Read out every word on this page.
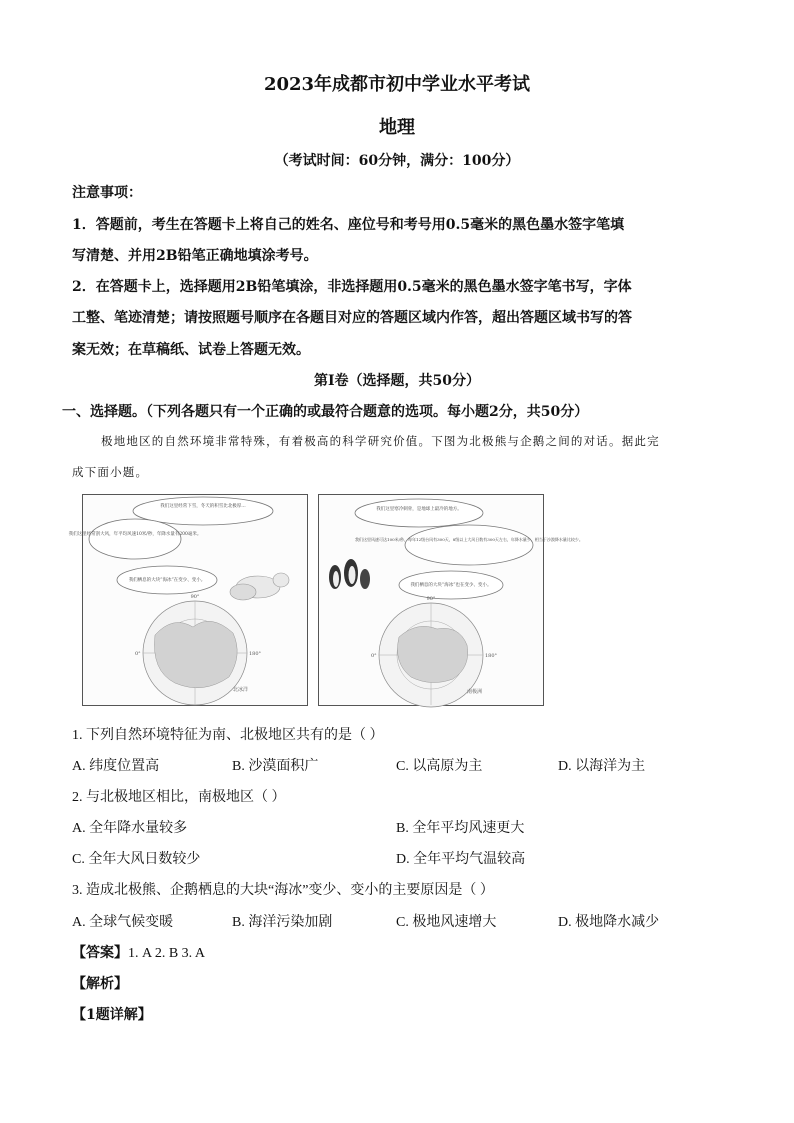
2023年成都市初中学业水平考试
地理
（考试时间：60分钟，满分：100分）
注意事项：
1．答题前，考生在答题卡上将自己的姓名、座位号和考号用0.5毫米的黑色墨水签字笔填
写清楚、并用2B铅笔正确地填涂考号。
2．在答题卡上，选择题用2B铅笔填涂，非选择题用0.5毫米的黑色墨水签字笔书写，字体
工整、笔迹清楚；请按照题号顺序在各题目对应的答题区域内作答，超出答题区域书写的答
案无效；在草稿纸、试卷上答题无效。
第Ⅰ卷（选择题，共50分）
一、选择题。（下列各题只有一个正确的或最符合题意的选项。每小题2分，共50分）
极地地区的自然环境非常特殊，有着极高的科学研究价值。下图为北极熊与企鹅之间的对话。据此完
成下面小题。
我们这里经常下雪，冬天的积雪比北极厚…
我们这里经常刮大风，年平均风速10米/秒，年降水量有200毫米。
我们栖息的大块“海冰”在变少、变小。
90°
0°	180°
北冰洋
我们这里寒冷刺骨，是地球上最冷的地方。
我们这里风速可达100米/秒，每年12级台风有300天，8级以上大风日数有300天左右，年降水量少，相当于沙漠降水量比较少。
我们栖息的大块“海冰”也在变少、变小。
90°
0°	180°
南极洲
1. 下列自然环境特征为南、北极地区共有的是（ ）
A. 纬度位置高	B. 沙漠面积广	C. 以高原为主	D. 以海洋为主
2. 与北极地区相比，南极地区（ ）
A. 全年降水量较多	B. 全年平均风速更大
C. 全年大风日数较少	D. 全年平均气温较高
3. 造成北极熊、企鹅栖息的大块“海冰”变少、变小的主要原因是（ ）
A. 全球气候变暖	B. 海洋污染加剧	C. 极地风速增大	D. 极地降水减少
【答案】1. A 2. B 3. A
【解析】
【1题详解】
